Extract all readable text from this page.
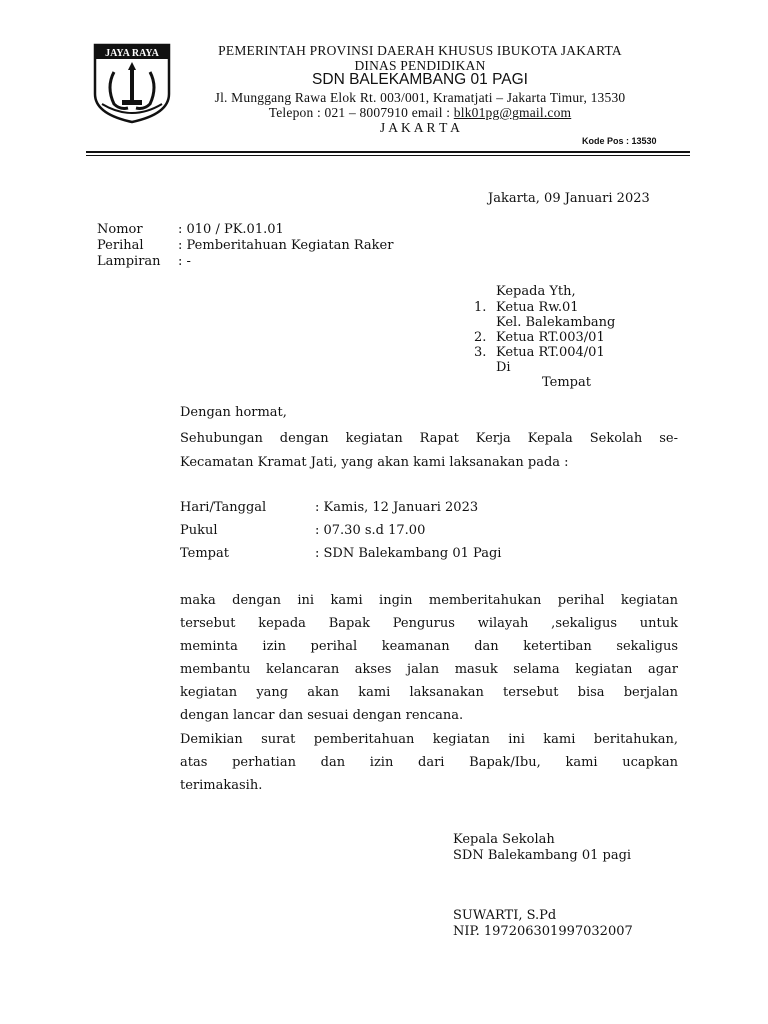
JAYA RAYA	PEMERINTAH PROVINSI DAERAH KHUSUS IBUKOTA JAKARTA
DINAS PENDIDIKAN
SDN BALEKAMBANG 01 PAGI
Jl. Munggang Rawa Elok Rt. 003/001, Kramatjati – Jakarta Timur, 13530
Telepon : 021 – 8007910 email : blk01pg@gmail.com
J A K A R T A
Kode Pos : 13530
Jakarta, 09 Januari 2023
Nomor	: 010 / PK.01.01
Perihal	: Pemberitahuan Kegiatan Raker
Lampiran : -
Kepada Yth,
1. Ketua Rw.01
Kel. Balekambang
2. Ketua RT.003/01
3. Ketua RT.004/01
Di
Tempat
Dengan hormat,
Sehubungan dengan kegiatan Rapat Kerja Kepala Sekolah se-
Kecamatan Kramat Jati, yang akan kami laksanakan pada :
Hari/Tanggal	: Kamis, 12 Januari 2023
Pukul	: 07.30 s.d 17.00
Tempat	: SDN Balekambang 01 Pagi
maka dengan ini kami ingin memberitahukan perihal kegiatan
tersebut kepada Bapak Pengurus wilayah ,sekaligus untuk
meminta izin perihal keamanan dan ketertiban sekaligus
membantu kelancaran akses jalan masuk selama kegiatan agar
kegiatan yang akan kami laksanakan tersebut bisa berjalan
dengan lancar dan sesuai dengan rencana.
Demikian surat pemberitahuan kegiatan ini kami beritahukan,
atas perhatian dan izin dari Bapak/Ibu, kami ucapkan
terimakasih.
Kepala Sekolah
SDN Balekambang 01 pagi
SUWARTI, S.Pd
NIP. 197206301997032007
